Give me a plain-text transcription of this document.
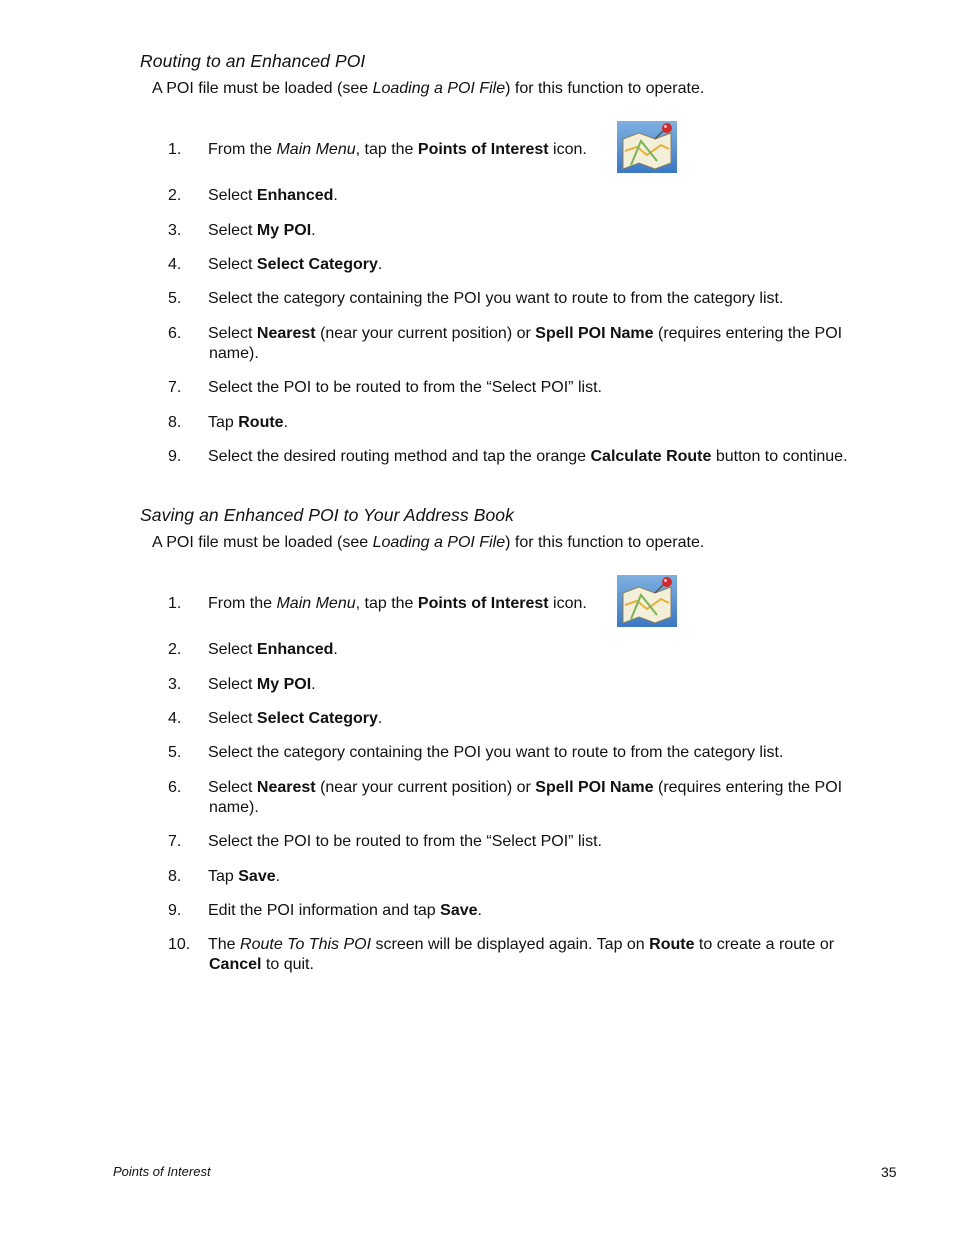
Routing to an Enhanced POI
A POI file must be loaded (see Loading a POI File) for this function to operate.
1. From the Main Menu, tap the Points of Interest icon.
2. Select Enhanced.
3. Select My POI.
4. Select Select Category.
5. Select the category containing the POI you want to route to from the category list.
6. Select Nearest (near your current position) or Spell POI Name (requires entering the POI
name).
7. Select the POI to be routed to from the “Select POI” list.
8. Tap Route.
9. Select the desired routing method and tap the orange Calculate Route button to continue.
Saving an Enhanced POI to Your Address Book
A POI file must be loaded (see Loading a POI File) for this function to operate.
1. From the Main Menu, tap the Points of Interest icon.
2. Select Enhanced.
3. Select My POI.
4. Select Select Category.
5. Select the category containing the POI you want to route to from the category list.
6. Select Nearest (near your current position) or Spell POI Name (requires entering the POI
name).
7. Select the POI to be routed to from the “Select POI” list.
8. Tap Save.
9. Edit the POI information and tap Save.
10. The Route To This POI screen will be displayed again. Tap on Route to create a route or
Cancel to quit.
Points of Interest	35
